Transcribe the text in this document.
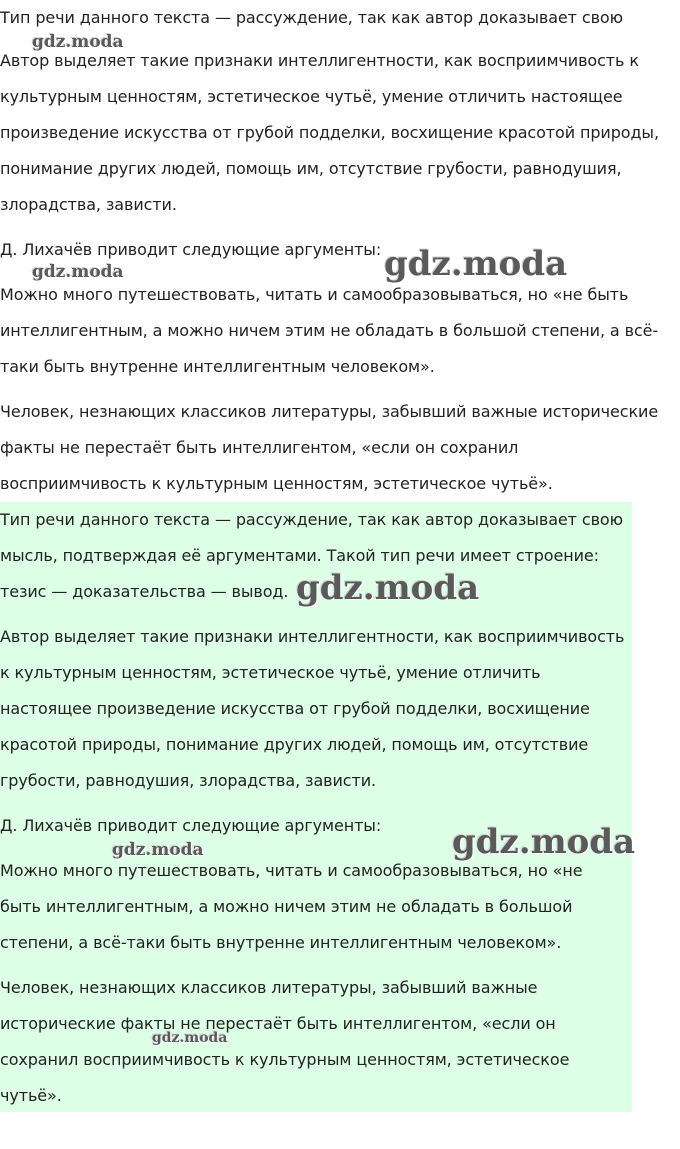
Тип речи данного текста — рассуждение, так как автор доказывает свою

Автор выделяет такие признаки интеллигентности, как восприимчивость к
культурным ценностям, эстетическое чутьё, умение отличить настоящее
произведение искусства от грубой подделки, восхищение красотой природы,
понимание других людей, помощь им, отсутствие грубости, равнодушия,
злорадства, зависти.

Д. Лихачёв приводит следующие аргументы:

Можно много путешествовать, читать и самообразовываться, но «не быть
интеллигентным, а можно ничем этим не обладать в большой степени, а всё-
таки быть внутренне интеллигентным человеком».

Человек, незнающих классиков литературы, забывший важные исторические
факты не перестаёт быть интеллигентом, «если он сохранил
восприимчивость к культурным ценностям, эстетическое чутьё».

Тип речи данного текста — рассуждение, так как автор доказывает свою
мысль, подтверждая её аргументами. Такой тип речи имеет строение:
тезис — доказательства — вывод.

Автор выделяет такие признаки интеллигентности, как восприимчивость
к культурным ценностям, эстетическое чутьё, умение отличить
настоящее произведение искусства от грубой подделки, восхищение
красотой природы, понимание других людей, помощь им, отсутствие
грубости, равнодушия, злорадства, зависти.

Д. Лихачёв приводит следующие аргументы:

Можно много путешествовать, читать и самообразовываться, но «не
быть интеллигентным, а можно ничем этим не обладать в большой
степени, а всё-таки быть внутренне интеллигентным человеком».

Человек, незнающих классиков литературы, забывший важные
исторические факты не перестаёт быть интеллигентом, «если он
сохранил восприимчивость к культурным ценностям, эстетическое
чутьё».

gdz.moda
gdz.moda
gdz.moda
gdz.moda
gdz.moda
gdz.moda
gdz.moda
